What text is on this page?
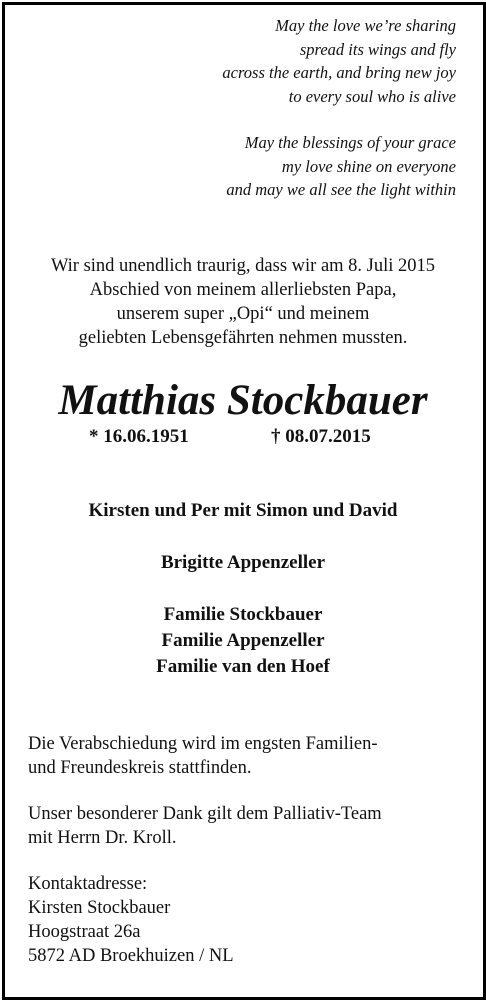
May the love we’re sharing
spread its wings and fly
across the earth, and bring new joy
to every soul who is alive

May the blessings of your grace
my love shine on everyone
and may we all see the light within

Wir sind unendlich traurig, dass wir am 8. Juli 2015
Abschied von meinem allerliebsten Papa,
unserem super „Opi“ und meinem
geliebten Lebensgefährten nehmen mussten.
Matthias Stockbauer
* 16.06.1951	† 08.07.2015

Kirsten und Per mit Simon und David

Brigitte Appenzeller

Familie Stockbauer
Familie Appenzeller
Familie van den Hoef

Die Verabschiedung wird im engsten Familien-
und Freundeskreis stattfinden.

Unser besonderer Dank gilt dem Palliativ-Team
mit Herrn Dr. Kroll.

Kontaktadresse:
Kirsten Stockbauer
Hoogstraat 26a
5872 AD Broekhuizen / NL
